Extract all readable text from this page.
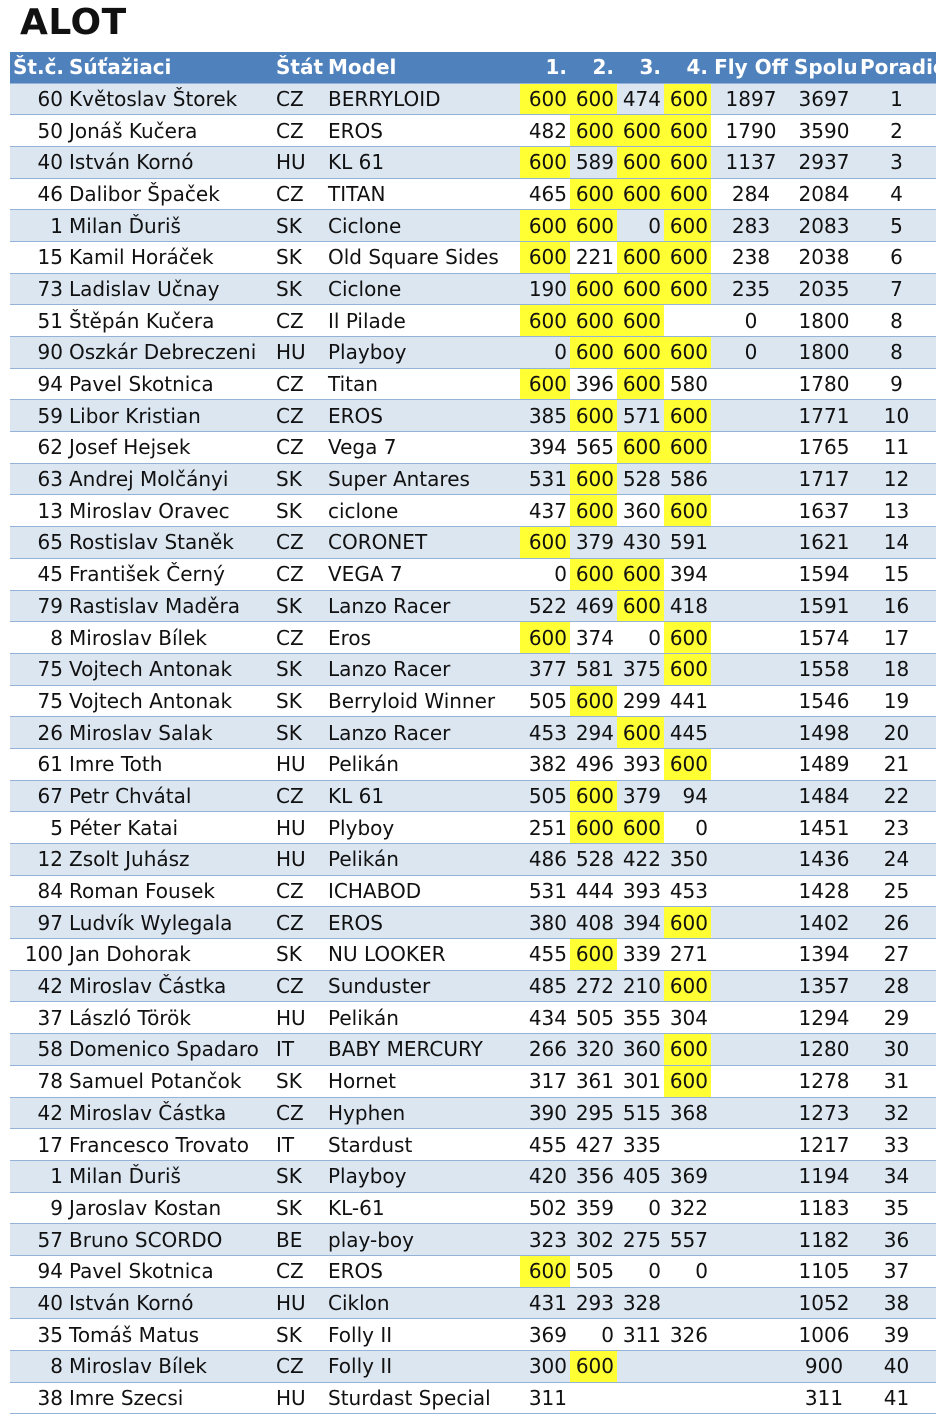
ALOT
Št.č.	Súťažiaci	Štát	Model	1.	2.	3.	4.	Fly Off	Spolu	Poradie
60	Květoslav Štorek	CZ	BERRYLOID	600	600	474	600	1897	3697	1
50	Jonáš Kučera	CZ	EROS	482	600	600	600	1790	3590	2
40	István Kornó	HU	KL 61	600	589	600	600	1137	2937	3
46	Dalibor Špaček	CZ	TITAN	465	600	600	600	284	2084	4
1	Milan Ďuriš	SK	Ciclone	600	600	0	600	283	2083	5
15	Kamil Horáček	SK	Old Square Sides	600	221	600	600	238	2038	6
73	Ladislav Učnay	SK	Ciclone	190	600	600	600	235	2035	7
51	Štěpán Kučera	CZ	Il Pilade	600	600	600		0	1800	8
90	Oszkár Debreczeni	HU	Playboy	0	600	600	600	0	1800	8
94	Pavel Skotnica	CZ	Titan	600	396	600	580		1780	9
59	Libor Kristian	CZ	EROS	385	600	571	600		1771	10
62	Josef Hejsek	CZ	Vega 7	394	565	600	600		1765	11
63	Andrej Molčányi	SK	Super Antares	531	600	528	586		1717	12
13	Miroslav Oravec	SK	ciclone	437	600	360	600		1637	13
65	Rostislav Staněk	CZ	CORONET	600	379	430	591		1621	14
45	František Černý	CZ	VEGA 7	0	600	600	394		1594	15
79	Rastislav Maděra	SK	Lanzo Racer	522	469	600	418		1591	16
8	Miroslav Bílek	CZ	Eros	600	374	0	600		1574	17
75	Vojtech Antonak	SK	Lanzo Racer	377	581	375	600		1558	18
75	Vojtech Antonak	SK	Berryloid Winner	505	600	299	441		1546	19
26	Miroslav Salak	SK	Lanzo Racer	453	294	600	445		1498	20
61	Imre Toth	HU	Pelikán	382	496	393	600		1489	21
67	Petr Chvátal	CZ	KL 61	505	600	379	94		1484	22
5	Péter Katai	HU	Plyboy	251	600	600	0		1451	23
12	Zsolt Juhász	HU	Pelikán	486	528	422	350		1436	24
84	Roman Fousek	CZ	ICHABOD	531	444	393	453		1428	25
97	Ludvík Wylegala	CZ	EROS	380	408	394	600		1402	26
100	Jan Dohorak	SK	NU LOOKER	455	600	339	271		1394	27
42	Miroslav Částka	CZ	Sunduster	485	272	210	600		1357	28
37	László Török	HU	Pelikán	434	505	355	304		1294	29
58	Domenico Spadaro	IT	BABY MERCURY	266	320	360	600		1280	30
78	Samuel Potančok	SK	Hornet	317	361	301	600		1278	31
42	Miroslav Částka	CZ	Hyphen	390	295	515	368		1273	32
17	Francesco Trovato	IT	Stardust	455	427	335			1217	33
1	Milan Ďuriš	SK	Playboy	420	356	405	369		1194	34
9	Jaroslav Kostan	SK	KL-61	502	359	0	322		1183	35
57	Bruno SCORDO	BE	play-boy	323	302	275	557		1182	36
94	Pavel Skotnica	CZ	EROS	600	505	0	0		1105	37
40	István Kornó	HU	Ciklon	431	293	328			1052	38
35	Tomáš Matus	SK	Folly II	369	0	311	326		1006	39
8	Miroslav Bílek	CZ	Folly II	300	600				900	40
38	Imre Szecsi	HU	Sturdast Special	311					311	41
